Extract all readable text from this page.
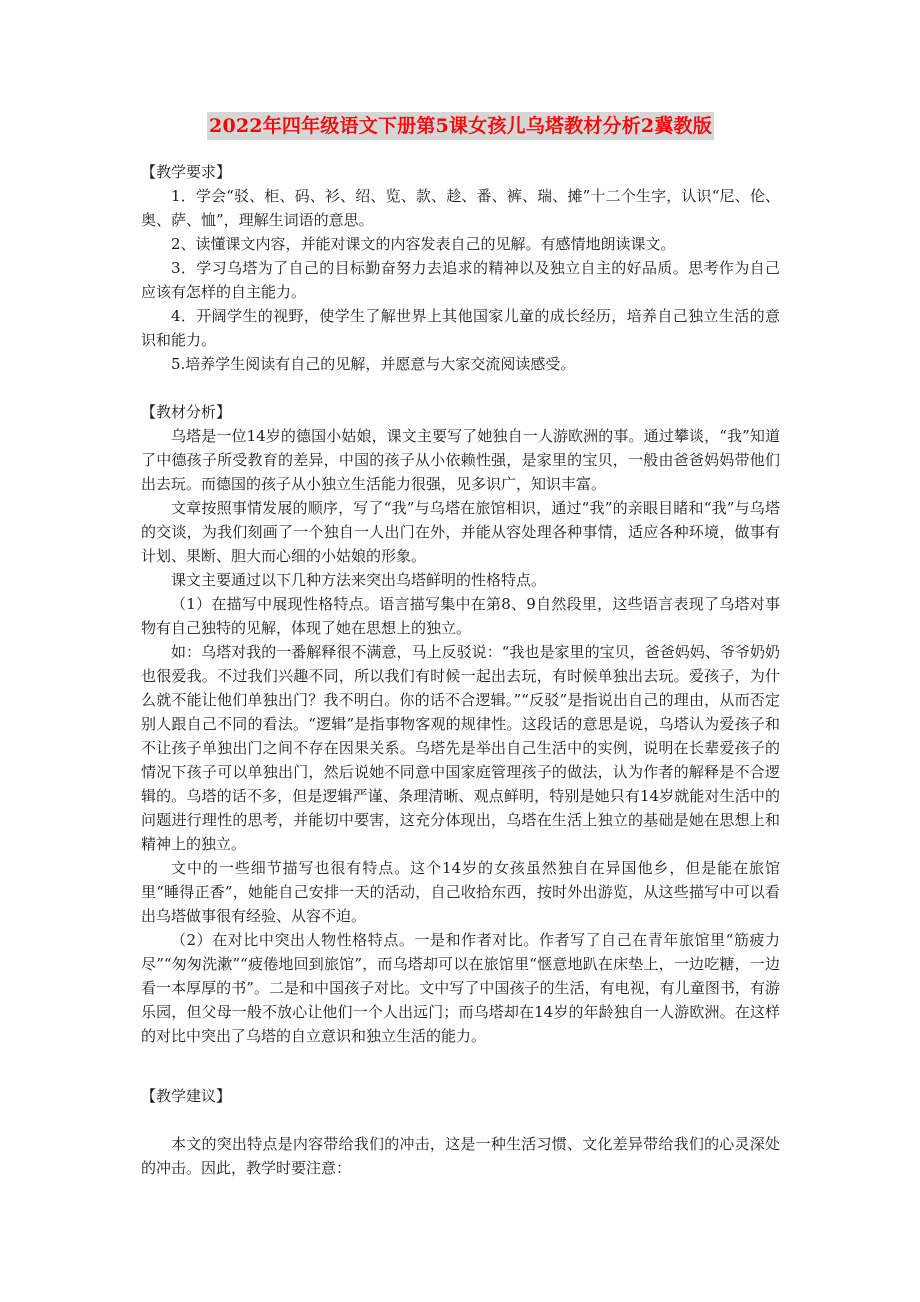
2022年四年级语文下册第5课女孩儿乌塔教材分析2冀教版
【教学要求】

1．学会“驳、柜、码、衫、绍、览、款、趁、番、裤、瑞、摊”十二个生字，认识“尼、伦、奥、萨、恤”，理解生词语的意思。

2、读懂课文内容，并能对课文的内容发表自己的见解。有感情地朗读课文。

3．学习乌塔为了自己的目标勤奋努力去追求的精神以及独立自主的好品质。思考作为自己应该有怎样的自主能力。

4．开阔学生的视野，使学生了解世界上其他国家儿童的成长经历，培养自己独立生活的意识和能力。

5.培养学生阅读有自己的见解，并愿意与大家交流阅读感受。

【教材分析】

乌塔是一位14岁的德国小姑娘，课文主要写了她独自一人游欧洲的事。通过攀谈，“我”知道了中德孩子所受教育的差异，中国的孩子从小依赖性强，是家里的宝贝，一般由爸爸妈妈带他们出去玩。而德国的孩子从小独立生活能力很强，见多识广，知识丰富。

文章按照事情发展的顺序，写了“我”与乌塔在旅馆相识，通过“我”的亲眼目睹和“我”与乌塔的交谈，为我们刻画了一个独自一人出门在外，并能从容处理各种事情，适应各种环境，做事有计划、果断、胆大而心细的小姑娘的形象。

课文主要通过以下几种方法来突出乌塔鲜明的性格特点。

（1）在描写中展现性格特点。语言描写集中在第8、9自然段里，这些语言表现了乌塔对事物有自己独特的见解，体现了她在思想上的独立。

如：乌塔对我的一番解释很不满意，马上反驳说：“我也是家里的宝贝，爸爸妈妈、爷爷奶奶也很爱我。不过我们兴趣不同，所以我们有时候一起出去玩，有时候单独出去玩。爱孩子，为什么就不能让他们单独出门？我不明白。你的话不合逻辑。”“反驳”是指说出自己的理由，从而否定别人跟自己不同的看法。“逻辑”是指事物客观的规律性。这段话的意思是说，乌塔认为爱孩子和不让孩子单独出门之间不存在因果关系。乌塔先是举出自己生活中的实例，说明在长辈爱孩子的情况下孩子可以单独出门，然后说她不同意中国家庭管理孩子的做法，认为作者的解释是不合逻辑的。乌塔的话不多，但是逻辑严谨、条理清晰、观点鲜明，特别是她只有14岁就能对生活中的问题进行理性的思考，并能切中要害，这充分体现出，乌塔在生活上独立的基础是她在思想上和精神上的独立。

文中的一些细节描写也很有特点。这个14岁的女孩虽然独自在异国他乡，但是能在旅馆里“睡得正香”，她能自己安排一天的活动，自己收拾东西，按时外出游览，从这些描写中可以看出乌塔做事很有经验、从容不迫。

（2）在对比中突出人物性格特点。一是和作者对比。作者写了自己在青年旅馆里“筋疲力尽”“匆匆洗漱”“疲倦地回到旅馆”，而乌塔却可以在旅馆里“惬意地趴在床垫上，一边吃糖，一边看一本厚厚的书”。二是和中国孩子对比。文中写了中国孩子的生活，有电视，有儿童图书，有游乐园，但父母一般不放心让他们一个人出远门；而乌塔却在14岁的年龄独自一人游欧洲。在这样的对比中突出了乌塔的自立意识和独立生活的能力。

【教学建议】

本文的突出特点是内容带给我们的冲击，这是一种生活习惯、文化差异带给我们的心灵深处的冲击。因此，教学时要注意：
